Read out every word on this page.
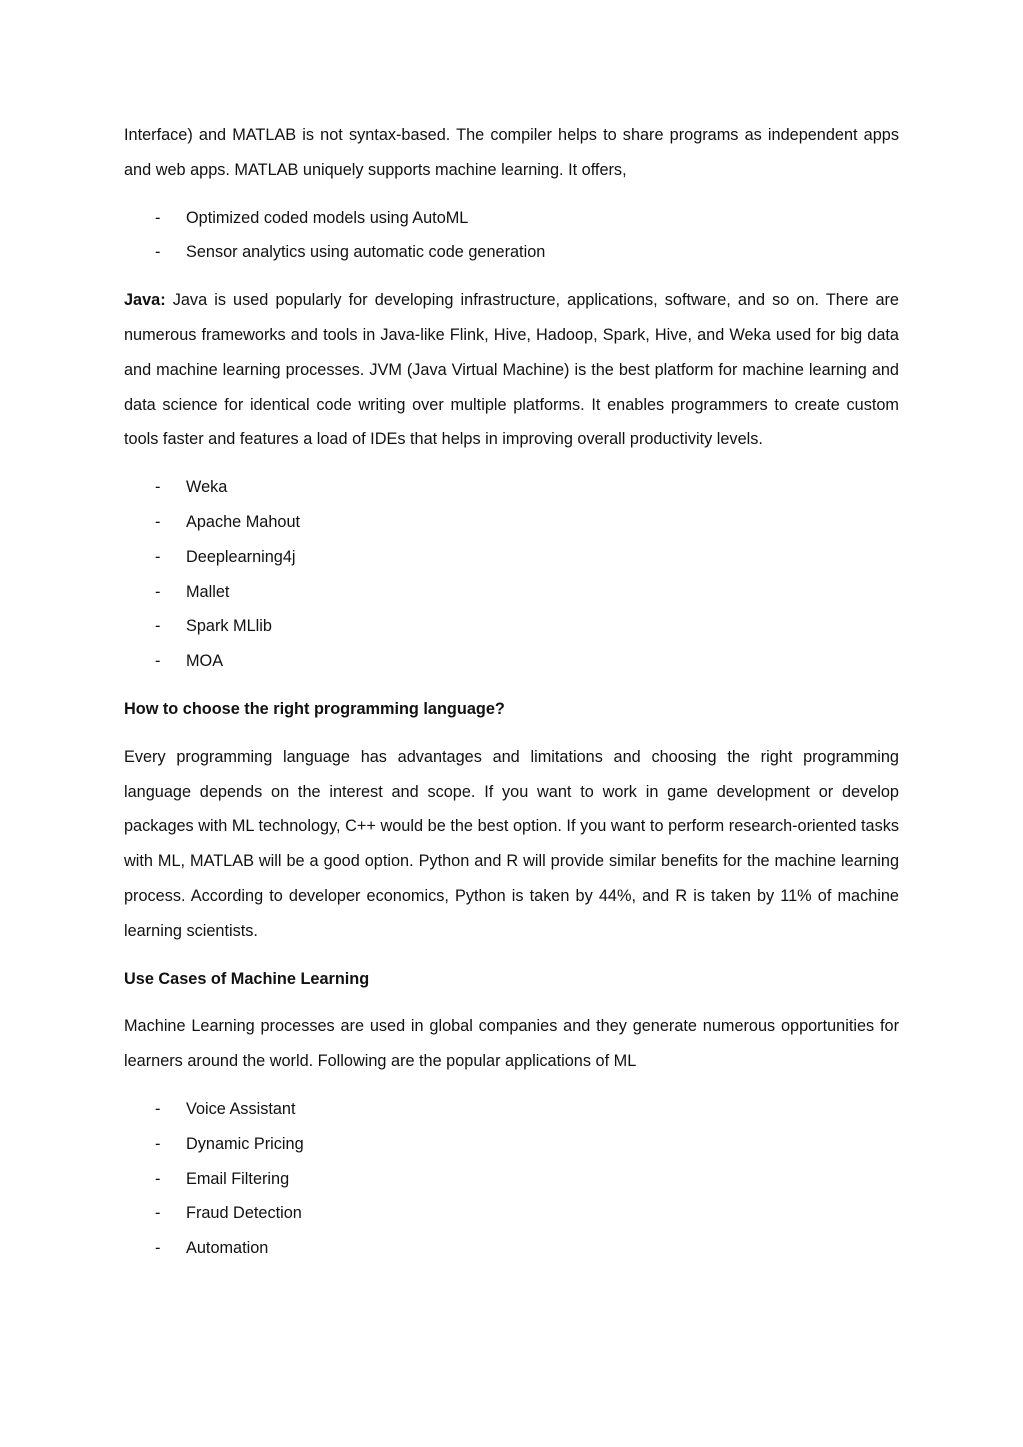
Interface) and MATLAB is not syntax-based. The compiler helps to share programs as independent apps and web apps. MATLAB uniquely supports machine learning. It offers,

- Optimized coded models using AutoML
- Sensor analytics using automatic code generation

Java: Java is used popularly for developing infrastructure, applications, software, and so on. There are numerous frameworks and tools in Java-like Flink, Hive, Hadoop, Spark, Hive, and Weka used for big data and machine learning processes. JVM (Java Virtual Machine) is the best platform for machine learning and data science for identical code writing over multiple platforms. It enables programmers to create custom tools faster and features a load of IDEs that helps in improving overall productivity levels.

- Weka
- Apache Mahout
- Deeplearning4j
- Mallet
- Spark MLlib
- MOA

How to choose the right programming language?

Every programming language has advantages and limitations and choosing the right programming language depends on the interest and scope. If you want to work in game development or develop packages with ML technology, C++ would be the best option. If you want to perform research-oriented tasks with ML, MATLAB will be a good option. Python and R will provide similar benefits for the machine learning process. According to developer economics, Python is taken by 44%, and R is taken by 11% of machine learning scientists.

Use Cases of Machine Learning

Machine Learning processes are used in global companies and they generate numerous opportunities for learners around the world. Following are the popular applications of ML

- Voice Assistant
- Dynamic Pricing
- Email Filtering
- Fraud Detection
- Automation
